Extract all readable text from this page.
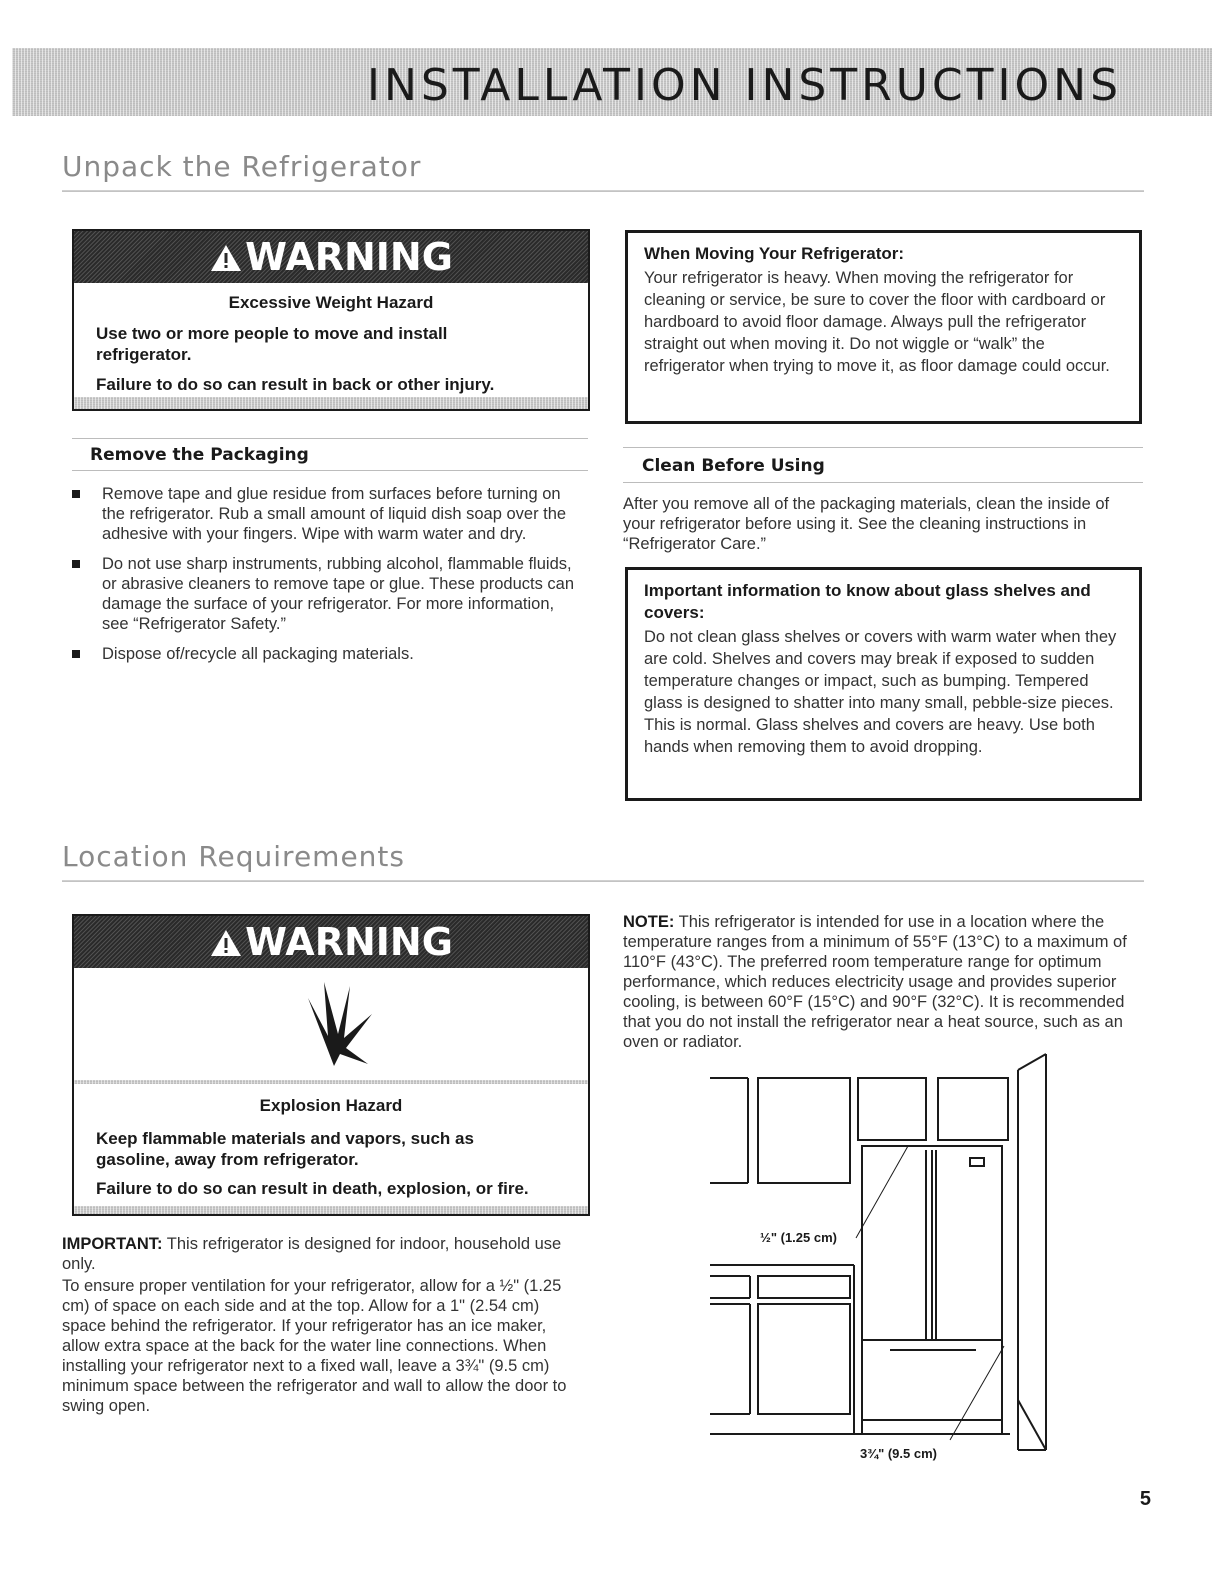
INSTALLATION INSTRUCTIONS
Unpack the Refrigerator
WARNING
Excessive Weight Hazard
Use two or more people to move and install
refrigerator.
Failure to do so can result in back or other injury.
When Moving Your Refrigerator:
Your refrigerator is heavy. When moving the refrigerator for cleaning or service, be sure to cover the floor with cardboard or hardboard to avoid floor damage. Always pull the refrigerator straight out when moving it. Do not wiggle or “walk” the refrigerator when trying to move it, as floor damage could occur.
Remove the Packaging
Remove tape and glue residue from surfaces before turning on the refrigerator. Rub a small amount of liquid dish soap over the adhesive with your fingers. Wipe with warm water and dry.
Do not use sharp instruments, rubbing alcohol, flammable fluids, or abrasive cleaners to remove tape or glue. These products can damage the surface of your refrigerator. For more information, see “Refrigerator Safety.”
Dispose of/recycle all packaging materials.
Clean Before Using

After you remove all of the packaging materials, clean the inside of your refrigerator before using it. See the cleaning instructions in “Refrigerator Care.”

Important information to know about glass shelves and covers:
Do not clean glass shelves or covers with warm water when they are cold. Shelves and covers may break if exposed to sudden temperature changes or impact, such as bumping. Tempered glass is designed to shatter into many small, pebble-size pieces. This is normal. Glass shelves and covers are heavy. Use both hands when removing them to avoid dropping.
Location Requirements
WARNING
Explosion Hazard
Keep flammable materials and vapors, such as
gasoline, away from refrigerator.
Failure to do so can result in death, explosion, or fire.

IMPORTANT: This refrigerator is designed for indoor, household use only.

To ensure proper ventilation for your refrigerator, allow for a ½" (1.25 cm) of space on each side and at the top. Allow for a 1" (2.54 cm) space behind the refrigerator. If your refrigerator has an ice maker, allow extra space at the back for the water line connections. When installing your refrigerator next to a fixed wall, leave a 3¾" (9.5 cm) minimum space between the refrigerator and wall to allow the door to swing open.

NOTE: This refrigerator is intended for use in a location where the temperature ranges from a minimum of 55°F (13°C) to a maximum of 110°F (43°C). The preferred room temperature range for optimum performance, which reduces electricity usage and provides superior cooling, is between 60°F (15°C) and 90°F (32°C). It is recommended that you do not install the refrigerator near a heat source, such as an oven or radiator.

½" (1.25 cm)
3¾" (9.5 cm)
5
